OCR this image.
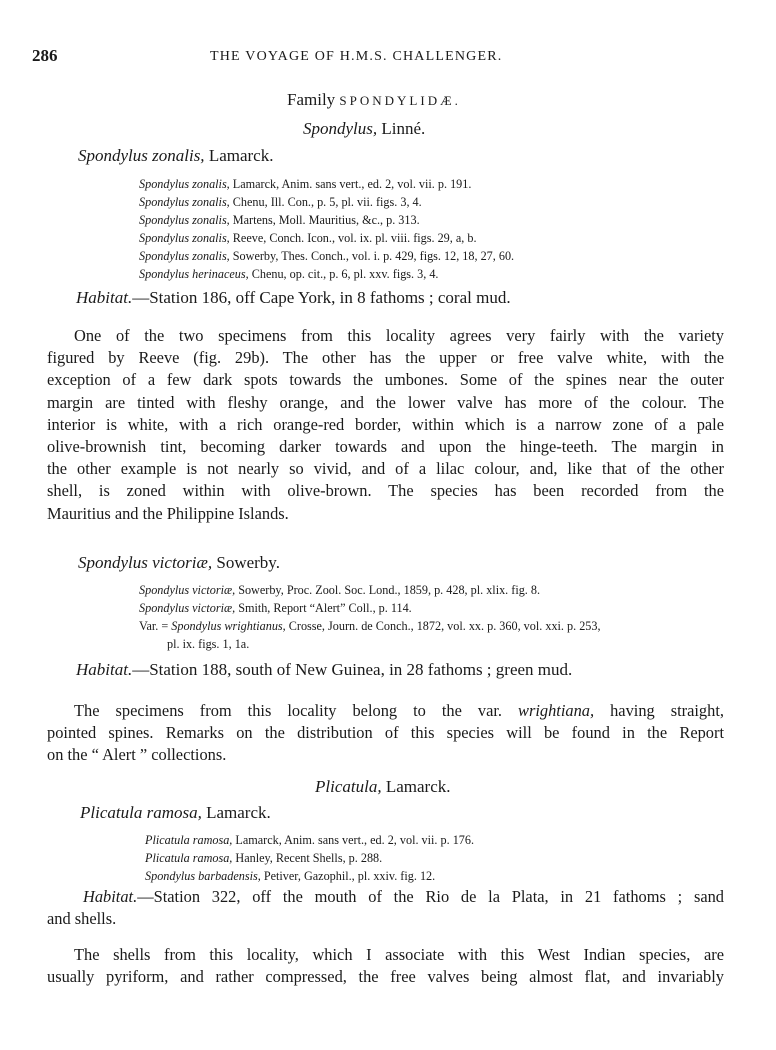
286	THE VOYAGE OF H.M.S. CHALLENGER.
Family SPONDYLIDÆ.
Spondylus, Linné.
Spondylus zonalis, Lamarck.
Spondylus zonalis, Lamarck, Anim. sans vert., ed. 2, vol. vii. p. 191.
Spondylus zonalis, Chenu, Ill. Con., p. 5, pl. vii. figs. 3, 4.
Spondylus zonalis, Martens, Moll. Mauritius, &c., p. 313.
Spondylus zonalis, Reeve, Conch. Icon., vol. ix. pl. viii. figs. 29, a, b.
Spondylus zonalis, Sowerby, Thes. Conch., vol. i. p. 429, figs. 12, 18, 27, 60.
Spondylus herinaceus, Chenu, op. cit., p. 6, pl. xxv. figs. 3, 4.
Habitat.—Station 186, off Cape York, in 8 fathoms ; coral mud.
One of the two specimens from this locality agrees very fairly with the variety
figured by Reeve (fig. 29b). The other has the upper or free valve white, with the
exception of a few dark spots towards the umbones. Some of the spines near the outer
margin are tinted with fleshy orange, and the lower valve has more of the colour. The
interior is white, with a rich orange-red border, within which is a narrow zone of a pale
olive-brownish tint, becoming darker towards and upon the hinge-teeth. The margin in
the other example is not nearly so vivid, and of a lilac colour, and, like that of the other
shell, is zoned within with olive-brown. The species has been recorded from the
Mauritius and the Philippine Islands.
Spondylus victoriæ, Sowerby.
Spondylus victoriæ, Sowerby, Proc. Zool. Soc. Lond., 1859, p. 428, pl. xlix. fig. 8.
Spondylus victoriæ, Smith, Report “Alert” Coll., p. 114.
Var. = Spondylus wrightianus, Crosse, Journ. de Conch., 1872, vol. xx. p. 360, vol. xxi. p. 253,
pl. ix. figs. 1, 1a.
Habitat.—Station 188, south of New Guinea, in 28 fathoms ; green mud.
The specimens from this locality belong to the var. wrightiana, having straight,
pointed spines. Remarks on the distribution of this species will be found in the Report
on the “ Alert ” collections.
Plicatula, Lamarck.
Plicatula ramosa, Lamarck.
Plicatula ramosa, Lamarck, Anim. sans vert., ed. 2, vol. vii. p. 176.
Plicatula ramosa, Hanley, Recent Shells, p. 288.
Spondylus barbadensis, Petiver, Gazophil., pl. xxiv. fig. 12.
Habitat.—Station 322, off the mouth of the Rio de la Plata, in 21 fathoms ; sand
and shells.
The shells from this locality, which I associate with this West Indian species, are
usually pyriform, and rather compressed, the free valves being almost flat, and invariably
